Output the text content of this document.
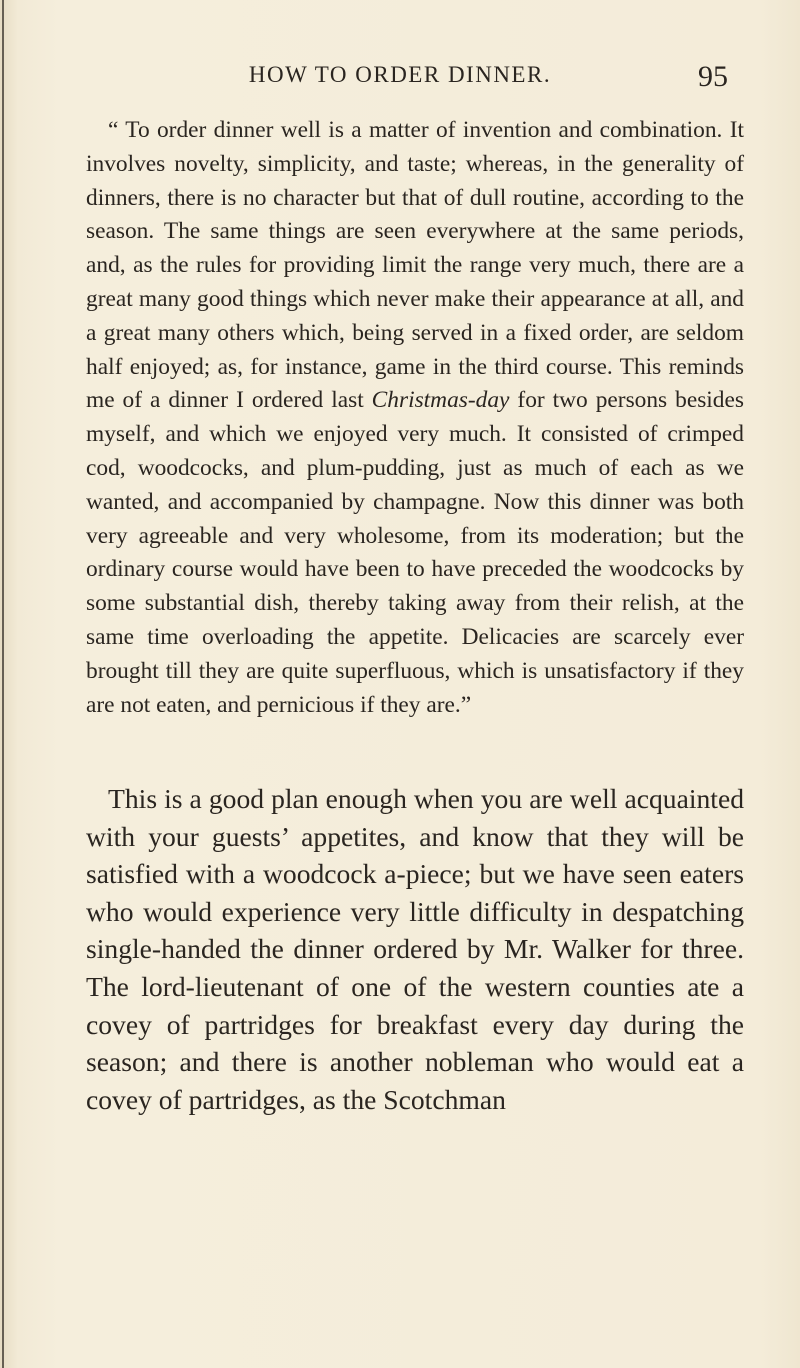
HOW TO ORDER DINNER.	95

“ To order dinner well is a matter of invention and combination. It involves novelty, simplicity, and taste; whereas, in the generality of dinners, there is no character but that of dull routine, according to the season. The same things are seen everywhere at the same periods, and, as the rules for providing limit the range very much, there are a great many good things which never make their appearance at all, and a great many others which, being served in a fixed order, are seldom half enjoyed; as, for instance, game in the third course. This reminds me of a dinner I ordered last Christmas-day for two persons besides myself, and which we enjoyed very much. It consisted of crimped cod, woodcocks, and plum-pudding, just as much of each as we wanted, and accompanied by champagne. Now this dinner was both very agreeable and very wholesome, from its moderation; but the ordinary course would have been to have preceded the woodcocks by some substantial dish, thereby taking away from their relish, at the same time overloading the appetite. Delicacies are scarcely ever brought till they are quite superfluous, which is unsatisfactory if they are not eaten, and pernicious if they are.”

This is a good plan enough when you are well acquainted with your guests’ appetites, and know that they will be satisfied with a woodcock a-piece; but we have seen eaters who would experience very little difficulty in despatching single-handed the dinner ordered by Mr. Walker for three. The lord-lieutenant of one of the western counties ate a covey of partridges for breakfast every day during the season; and there is another nobleman who would eat a covey of partridges, as the Scotchman
